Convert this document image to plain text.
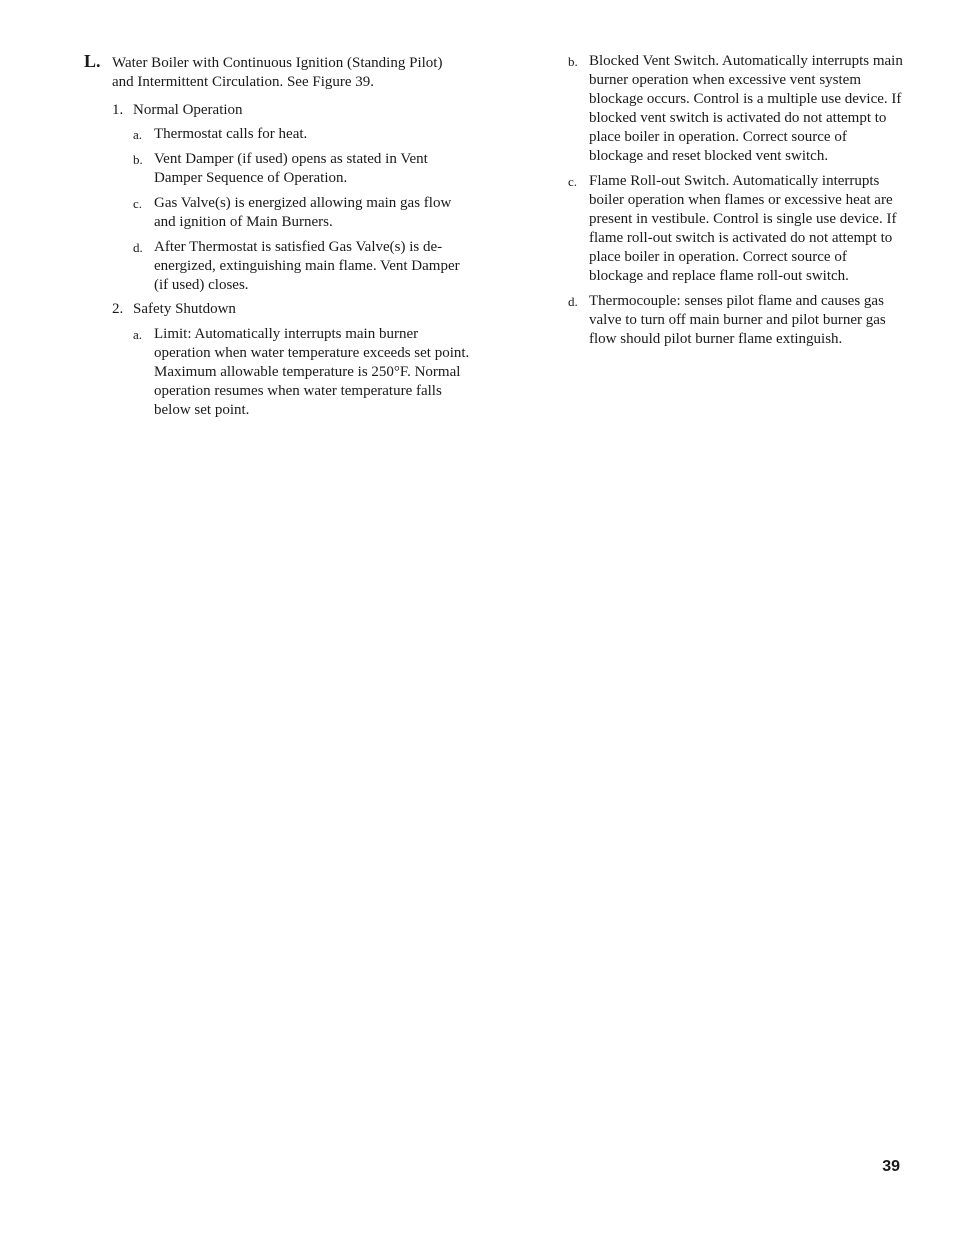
L. Water Boiler with Continuous Ignition (Standing Pilot)
and Intermittent Circulation. See Figure 39.
1. Normal Operation
a. Thermostat calls for heat.
b. Vent Damper (if used) opens as stated in Vent Damper Sequence of Operation.
c. Gas Valve(s) is energized allowing main gas flow and ignition of Main Burners.
d. After Thermostat is satisfied Gas Valve(s) is de-energized, extinguishing main flame. Vent Damper (if used) closes.
2. Safety Shutdown
a. Limit: Automatically interrupts main burner operation when water temperature exceeds set point. Maximum allowable temperature is 250°F. Normal operation resumes when water temperature falls below set point.
b. Blocked Vent Switch. Automatically interrupts main burner operation when excessive vent system blockage occurs. Control is a multiple use device. If blocked vent switch is activated do not attempt to place boiler in operation. Correct source of blockage and reset blocked vent switch.
c. Flame Roll-out Switch. Automatically interrupts boiler operation when flames or excessive heat are present in vestibule. Control is single use device. If flame roll-out switch is activated do not attempt to place boiler in operation. Correct source of blockage and replace flame roll-out switch.
d. Thermocouple: senses pilot flame and causes gas valve to turn off main burner and pilot burner gas flow should pilot burner flame extinguish.
39
